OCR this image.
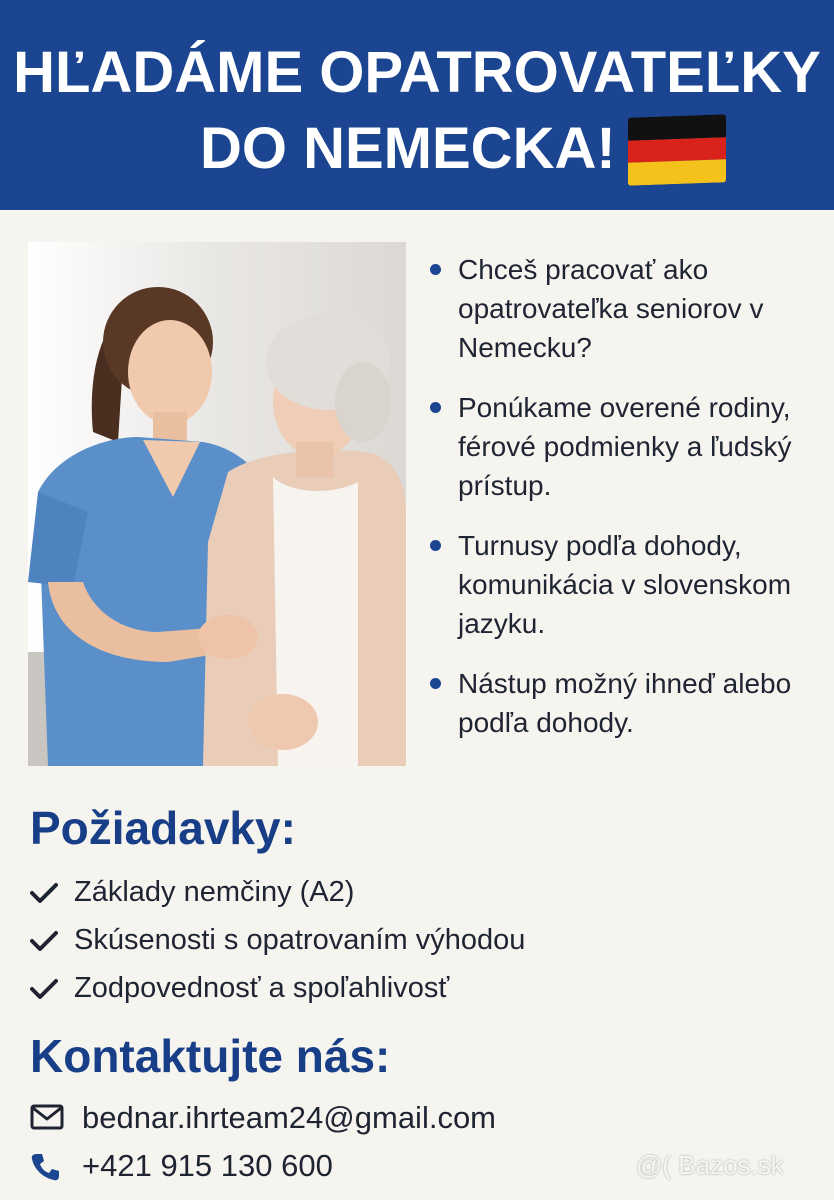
HĽADÁME OPATROVATEĽKY
DO NEMECKA!
Chceš pracovať ako opatrovateľka seniorov v Nemecku?
Ponúkame overené rodiny, férové podmienky a ľudský prístup.
Turnusy podľa dohody, komunikácia v slovenskom jazyku.
Nástup možný ihneď alebo podľa dohody.
Požiadavky:
Základy nemčiny (A2)
Skúsenosti s opatrovaním výhodou
Zodpovednosť a spoľahlivosť
Kontaktujte nás:
bednar.ihrteam24@gmail.com
+421 915 130 600	@( Bazos.sk
